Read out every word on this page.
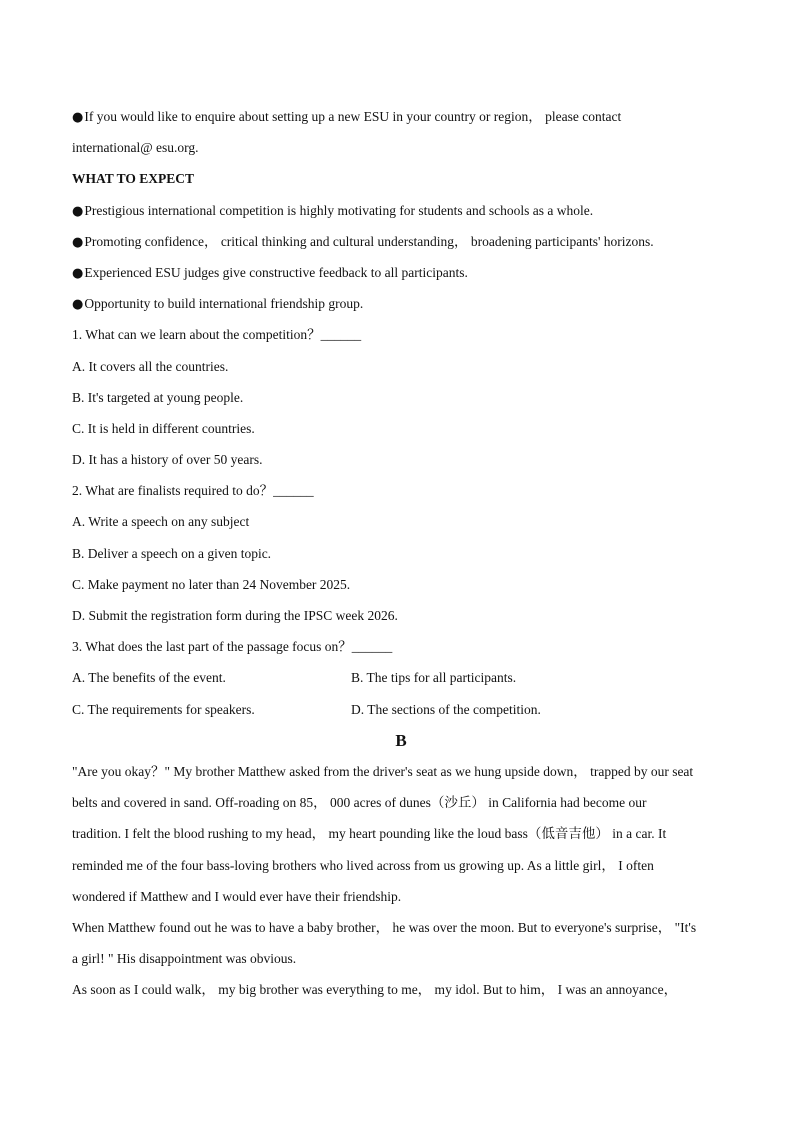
●If you would like to enquire about setting up a new ESU in your country or region， please contact
international@ esu.org.
WHAT TO EXPECT
●Prestigious international competition is highly motivating for students and schools as a whole.
●Promoting confidence， critical thinking and cultural understanding， broadening participants' horizons.
●Experienced ESU judges give constructive feedback to all participants.
●Opportunity to build international friendship group.
1. What can we learn about the competition？______
A. It covers all the countries.
B. It's targeted at young people.
C. It is held in different countries.
D. It has a history of over 50 years.
2. What are finalists required to do？______
A. Write a speech on any subject
B. Deliver a speech on a given topic.
C. Make payment no later than 24 November 2025.
D. Submit the registration form during the IPSC week 2026.
3. What does the last part of the passage focus on？______
A. The benefits of the event.	B. The tips for all participants.
C. The requirements for speakers.	D. The sections of the competition.
B
"Are you okay？" My brother Matthew asked from the driver's seat as we hung upside down， trapped by our seat
belts and covered in sand. Off-roading on 85， 000 acres of dunes（沙丘） in California had become our
tradition. I felt the blood rushing to my head， my heart pounding like the loud bass（低音吉他） in a car. It
reminded me of the four bass-loving brothers who lived across from us growing up. As a little girl， I often
wondered if Matthew and I would ever have their friendship.
When Matthew found out he was to have a baby brother， he was over the moon. But to everyone's surprise， "It's
a girl! " His disappointment was obvious.
As soon as I could walk， my big brother was everything to me， my idol. But to him， I was an annoyance，
